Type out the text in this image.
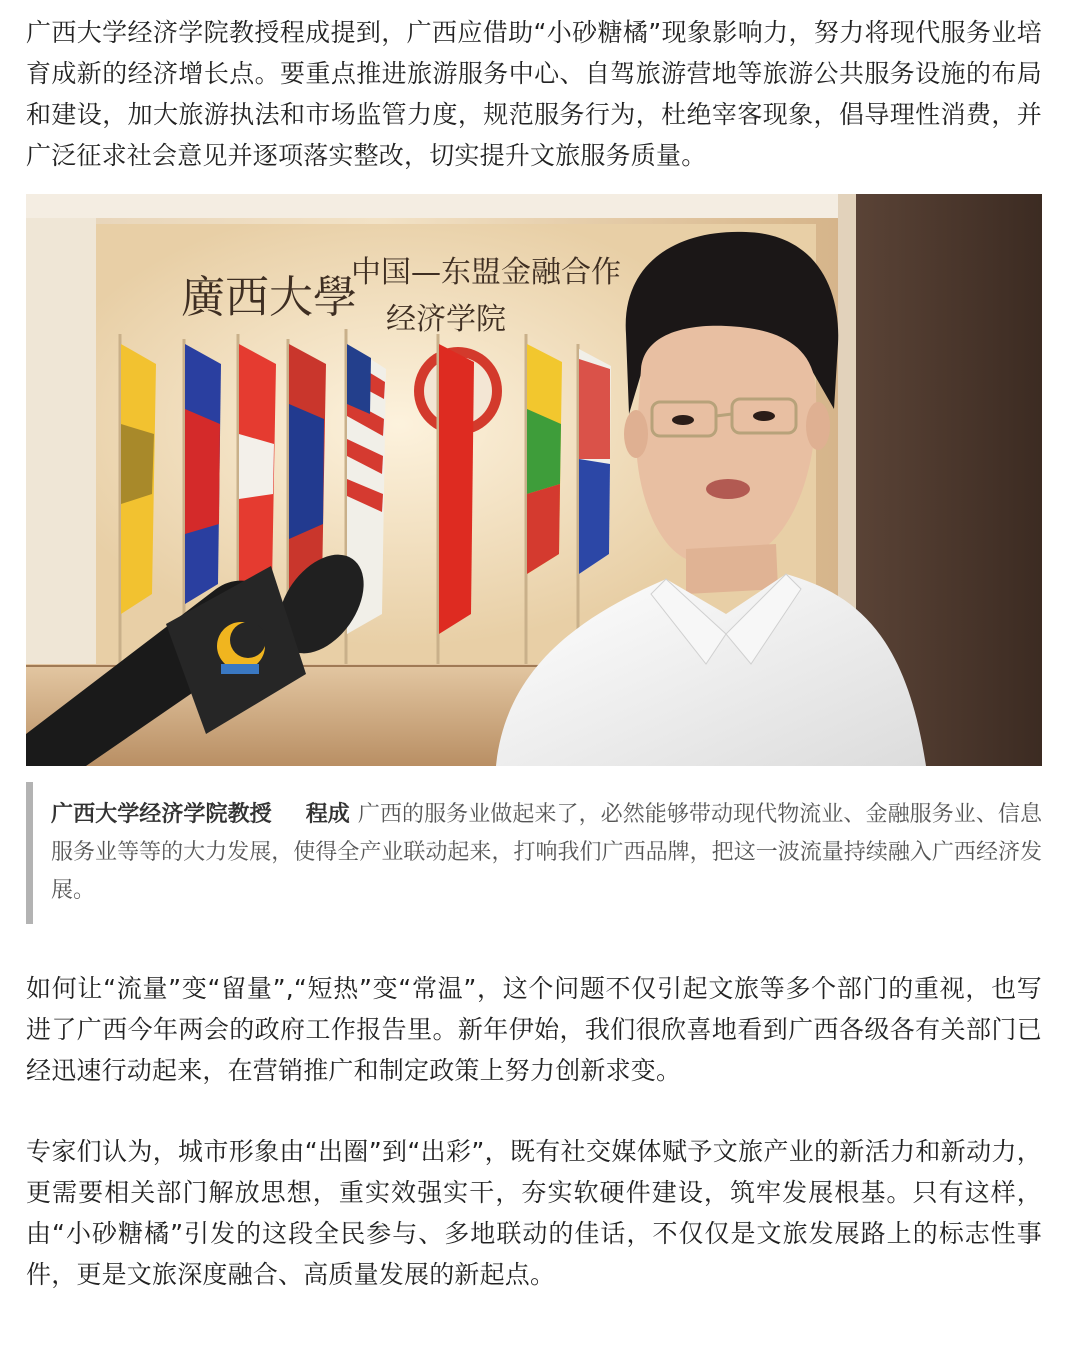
广西大学经济学院教授程成提到，广西应借助“小砂糖橘”现象影响力，努力将现代服务业培育成新的经济增长点。要重点推进旅游服务中心、自驾旅游营地等旅游公共服务设施的布局和建设，加大旅游执法和市场监管力度，规范服务行为，杜绝宰客现象，倡导理性消费，并广泛征求社会意见并逐项落实整改，切实提升文旅服务质量。

廣西大學
中国—东盟金融合作
经济学院

广西大学经济学院教授 程成 广西的服务业做起来了，必然能够带动现代物流业、金融服务业、信息服务业等等的大力发展，使得全产业联动起来，打响我们广西品牌，把这一波流量持续融入广西经济发展。

如何让“流量”变“留量”,“短热”变“常温”，这个问题不仅引起文旅等多个部门的重视，也写进了广西今年两会的政府工作报告里。新年伊始，我们很欣喜地看到广西各级各有关部门已经迅速行动起来，在营销推广和制定政策上努力创新求变。

专家们认为，城市形象由“出圈”到“出彩”，既有社交媒体赋予文旅产业的新活力和新动力，更需要相关部门解放思想，重实效强实干，夯实软硬件建设，筑牢发展根基。只有这样，由“小砂糖橘”引发的这段全民参与、多地联动的佳话，不仅仅是文旅发展路上的标志性事件，更是文旅深度融合、高质量发展的新起点。
